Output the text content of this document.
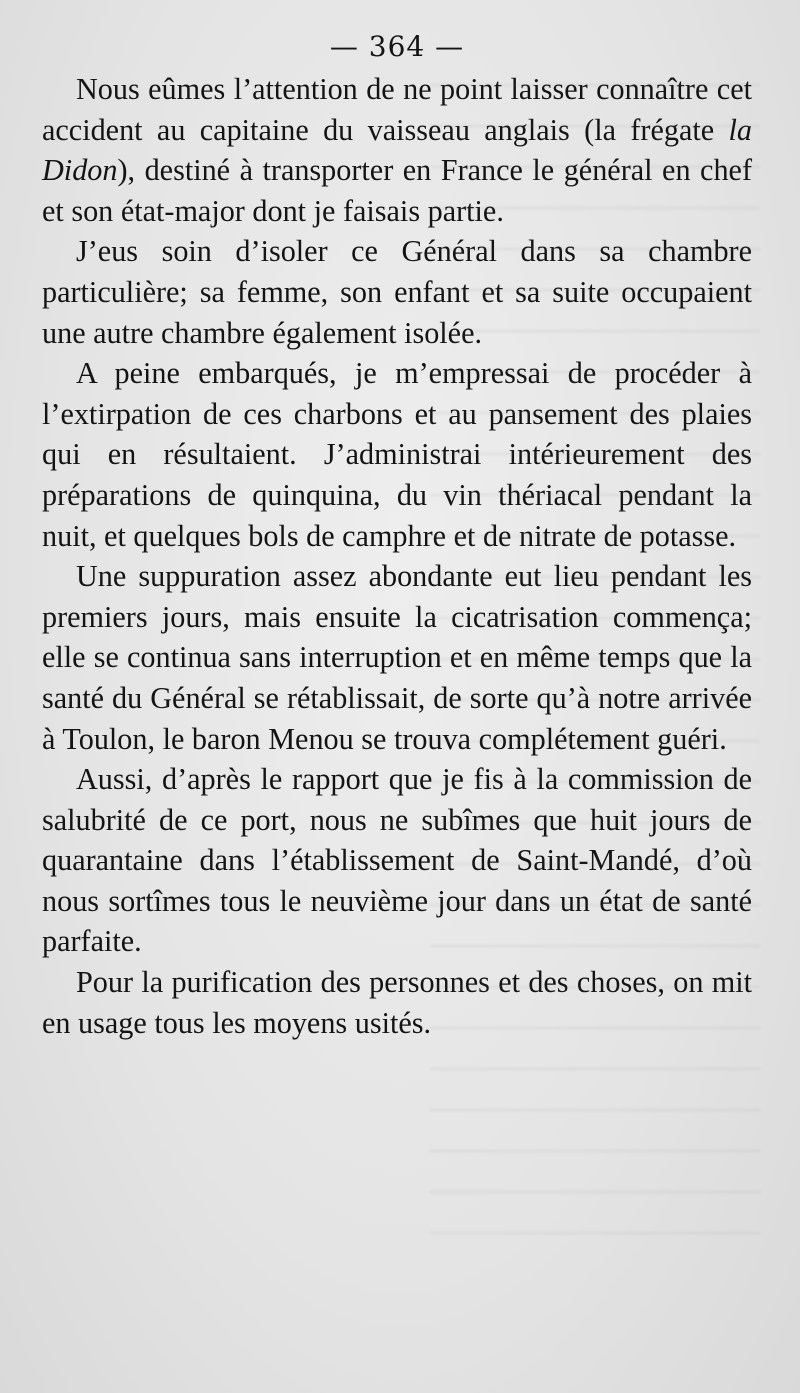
— 364 —

Nous eûmes l’attention de ne point laisser connaître cet accident au capitaine du vaisseau anglais (la frégate la Didon), destiné à transporter en France le général en chef et son état-major dont je faisais partie.

J’eus soin d’isoler ce Général dans sa chambre particulière; sa femme, son enfant et sa suite occupaient une autre chambre également isolée.

A peine embarqués, je m’empressai de procéder à l’extirpation de ces charbons et au pansement des plaies qui en résultaient. J’administrai intérieurement des préparations de quinquina, du vin thériacal pendant la nuit, et quelques bols de camphre et de nitrate de potasse.

Une suppuration assez abondante eut lieu pendant les premiers jours, mais ensuite la cicatrisation commença; elle se continua sans interruption et en même temps que la santé du Général se rétablissait, de sorte qu’à notre arrivée à Toulon, le baron Menou se trouva complétement guéri.

Aussi, d’après le rapport que je fis à la commission de salubrité de ce port, nous ne subîmes que huit jours de quarantaine dans l’établissement de Saint-Mandé, d’où nous sortîmes tous le neuvième jour dans un état de santé parfaite.

Pour la purification des personnes et des choses, on mit en usage tous les moyens usités.
